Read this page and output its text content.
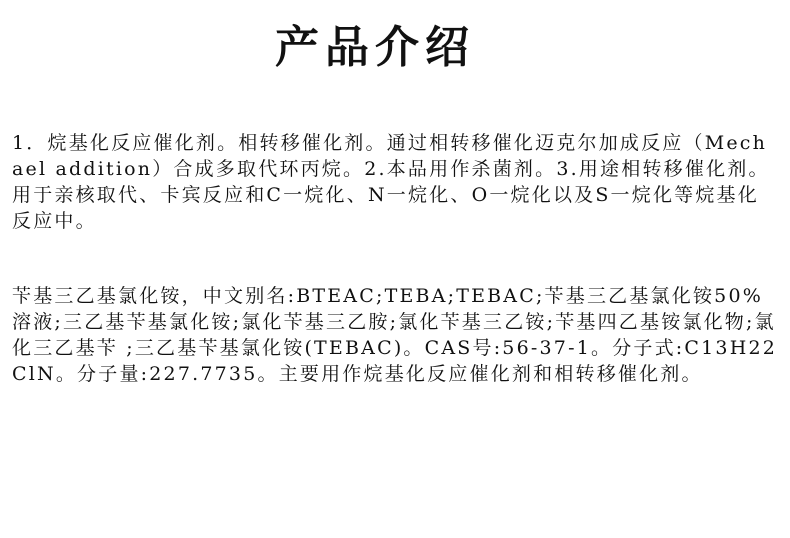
产品介绍

1．烷基化反应催化剂。相转移催化剂。通过相转移催化迈克尔加成反应（Mechael addition）合成多取代环丙烷。2.本品用作杀菌剂。3.用途相转移催化剂。用于亲核取代、卡宾反应和C一烷化、N一烷化、O一烷化以及S一烷化等烷基化反应中。

苄基三乙基氯化铵，中文别名:BTEAC;TEBA;TEBAC;苄基三乙基氯化铵50%溶液;三乙基苄基氯化铵;氯化苄基三乙胺;氯化苄基三乙铵;苄基四乙基铵氯化物;氯化三乙基苄 ;三乙基苄基氯化铵(TEBAC)。CAS号:56-37-1。分子式:C13H22ClN。分子量:227.7735。主要用作烷基化反应催化剂和相转移催化剂。
